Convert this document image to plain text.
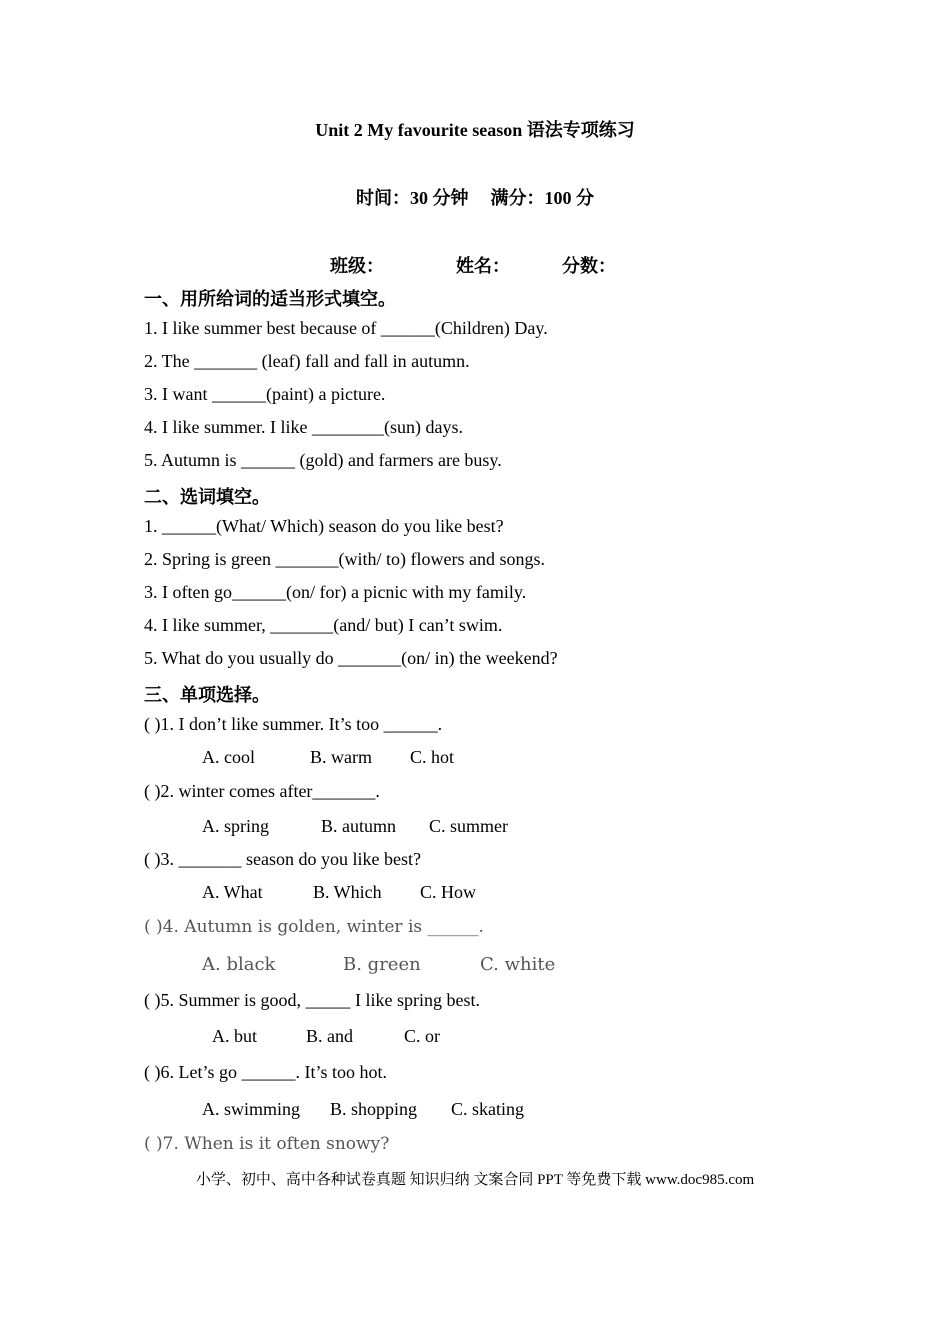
Unit 2 My favourite season 语法专项练习
时间：30 分钟 满分：100 分
班级：	姓名：	分数：
一、用所给词的适当形式填空。
1. I like summer best because of ______(Children) Day.
2. The _______ (leaf) fall and fall in autumn.
3. I want ______(paint) a picture.
4. I like summer. I like ________(sun) days.
5. Autumn is ______ (gold) and farmers are busy.
二、选词填空。
1. ______(What/ Which) season do you like best?
2. Spring is green _______(with/ to) flowers and songs.
3. I often go______(on/ for) a picnic with my family.
4. I like summer, _______(and/ but) I can’t swim.
5. What do you usually do _______(on/ in) the weekend?
三、单项选择。
( )1. I don’t like summer. It’s too ______.
A. cool	B. warm C. hot
( )2. winter comes after_______.
A. spring	B. autumn C. summer
( )3. _______ season do you like best?
A. What	B. Which C. How
( )4. Autumn is golden, winter is ______.
A. black	B. green	C. white
( )5. Summer is good, _____ I like spring best.
A. but	B. and	C. or
( )6. Let’s go ______. It’s too hot.
A. swimming B. shopping C. skating
( )7. When is it often snowy?
小学、初中、高中各种试卷真题 知识归纳 文案合同 PPT 等免费下载 www.doc985.com
